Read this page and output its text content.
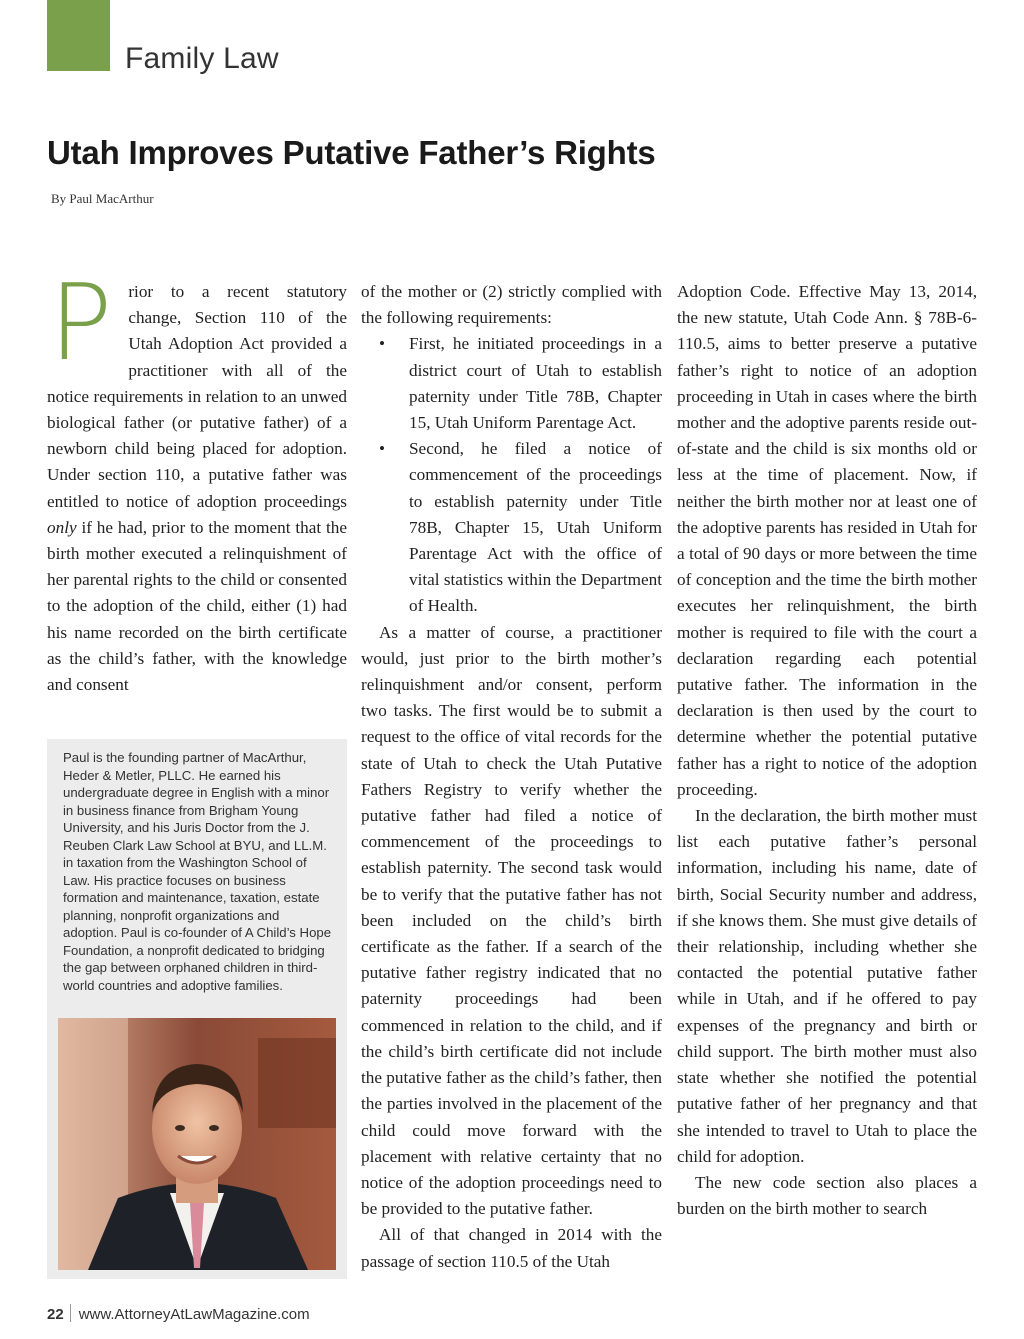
Family Law
Utah Improves Putative Father’s Rights
By Paul MacArthur

Prior to a recent statutory change, Section 110 of the Utah Adoption Act provided a practitioner with all of the notice requirements in relation to an unwed biological father (or putative father) of a newborn child being placed for adoption. Under section 110, a putative father was entitled to notice of adoption proceedings only if he had, prior to the moment that the birth mother executed a relinquishment of her parental rights to the child or consented to the adoption of the child, either (1) had his name recorded on the birth certificate as the child’s father, with the knowledge and consent

Paul is the founding partner of MacArthur, Heder & Metler, PLLC. He earned his undergraduate degree in English with a minor in business finance from Brigham Young University, and his Juris Doctor from the J. Reuben Clark Law School at BYU, and LL.M. in taxation from the Washington School of Law. His practice focuses on business formation and maintenance, taxation, estate planning, nonprofit organizations and adoption. Paul is co-founder of A Child’s Hope Foundation, a nonprofit dedicated to bridging the gap between orphaned children in third-world countries and adoptive families.

of the mother or (2) strictly complied with the following requirements:

• First, he initiated proceedings in a district court of Utah to establish paternity under Title 78B, Chapter 15, Utah Uniform Parentage Act.
• Second, he filed a notice of commencement of the proceedings to establish paternity under Title 78B, Chapter 15, Utah Uniform Parentage Act with the office of vital statistics within the Department of Health.

As a matter of course, a practitioner would, just prior to the birth mother’s relinquishment and/or consent, perform two tasks. The first would be to submit a request to the office of vital records for the state of Utah to check the Utah Putative Fathers Registry to verify whether the putative father had filed a notice of commencement of the proceedings to establish paternity. The second task would be to verify that the putative father has not been included on the child’s birth certificate as the father. If a search of the putative father registry indicated that no paternity proceedings had been commenced in relation to the child, and if the child’s birth certificate did not include the putative father as the child’s father, then the parties involved in the placement of the child could move forward with the placement with relative certainty that no notice of the adoption proceedings need to be provided to the putative father.

All of that changed in 2014 with the passage of section 110.5 of the Utah

Adoption Code. Effective May 13, 2014, the new statute, Utah Code Ann. § 78B-6-110.5, aims to better preserve a putative father’s right to notice of an adoption proceeding in Utah in cases where the birth mother and the adoptive parents reside out-of-state and the child is six months old or less at the time of placement. Now, if neither the birth mother nor at least one of the adoptive parents has resided in Utah for a total of 90 days or more between the time of conception and the time the birth mother executes her relinquishment, the birth mother is required to file with the court a declaration regarding each potential putative father. The information in the declaration is then used by the court to determine whether the potential putative father has a right to notice of the adoption proceeding.

In the declaration, the birth mother must list each putative father’s personal information, including his name, date of birth, Social Security number and address, if she knows them. She must give details of their relationship, including whether she contacted the potential putative father while in Utah, and if he offered to pay expenses of the pregnancy and birth or child support. The birth mother must also state whether she notified the potential putative father of her pregnancy and that she intended to travel to Utah to place the child for adoption.

The new code section also places a burden on the birth mother to search

22 www.AttorneyAtLawMagazine.com
